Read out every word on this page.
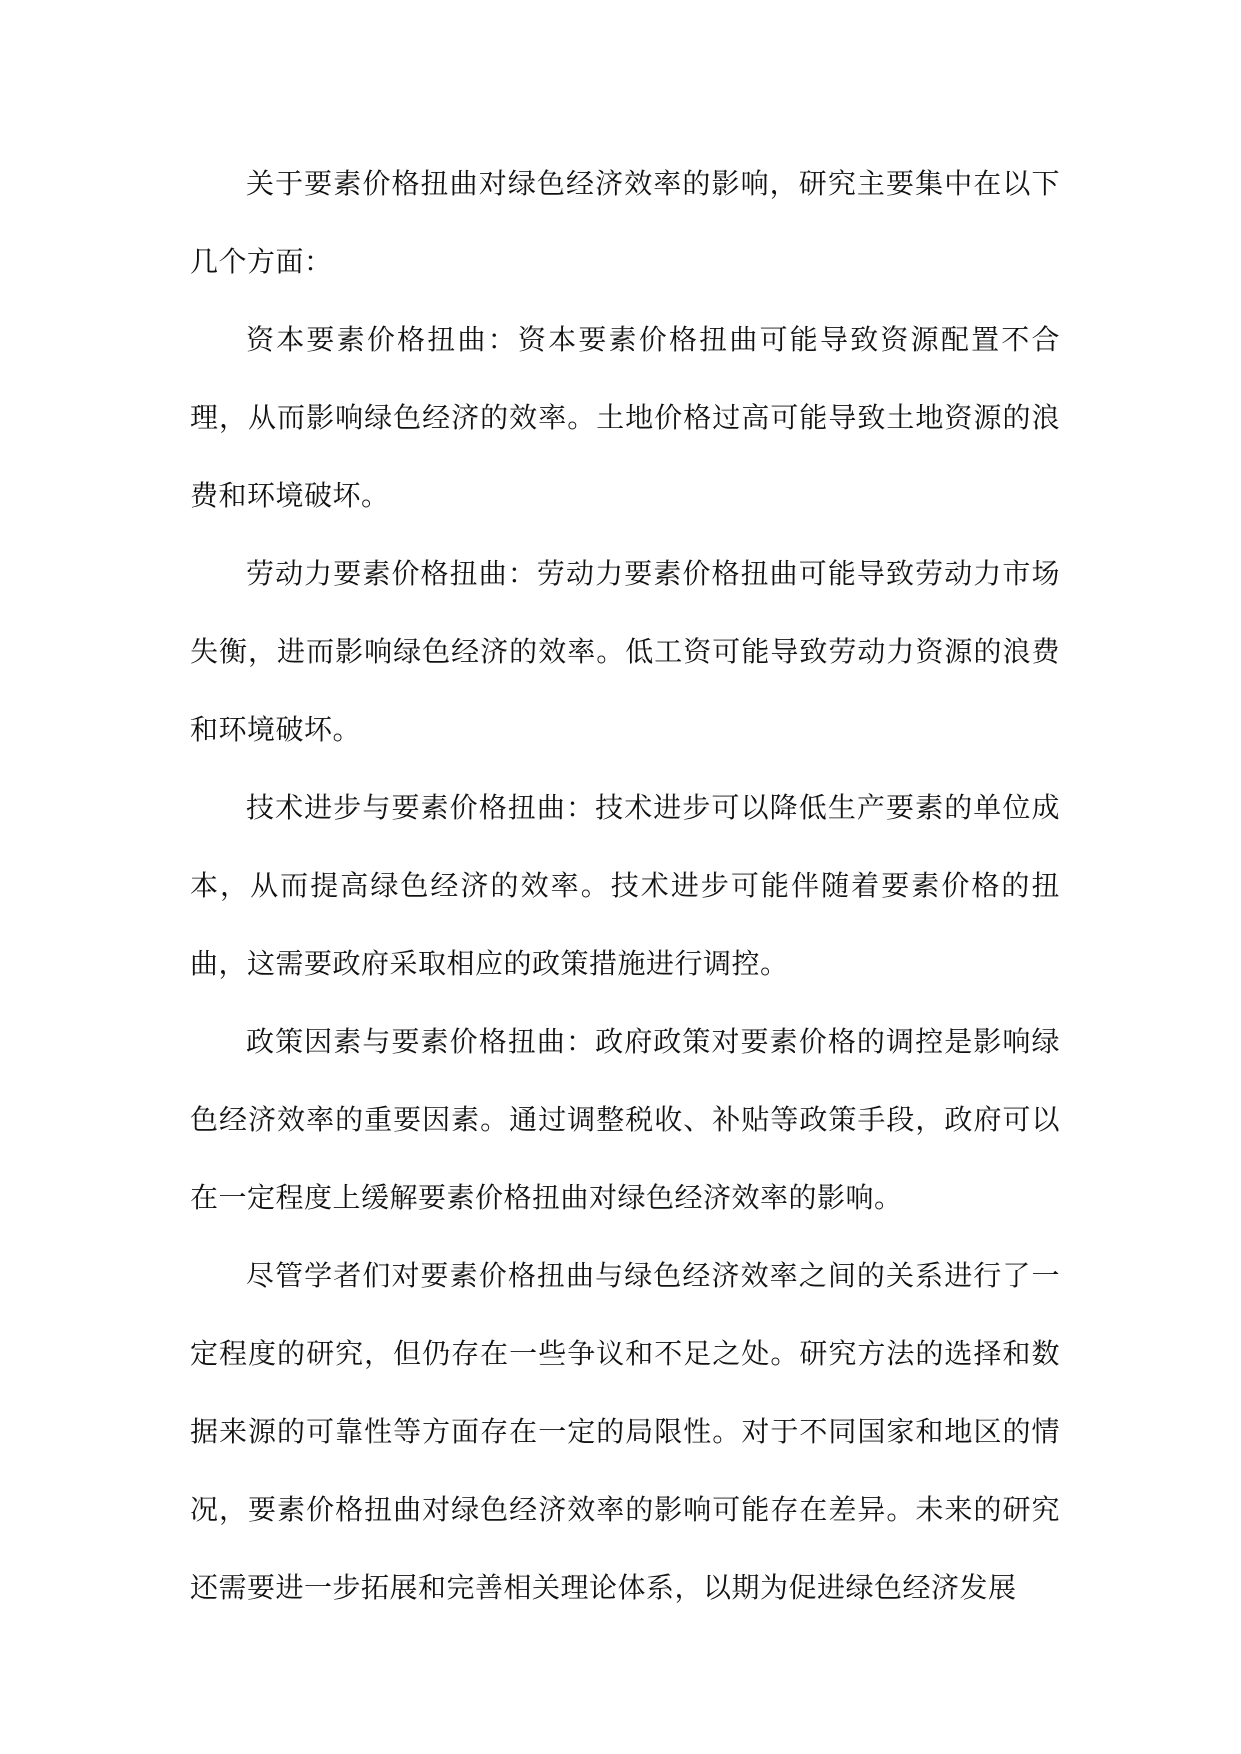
关于要素价格扭曲对绿色经济效率的影响，研究主要集中在以下几个方面：

资本要素价格扭曲：资本要素价格扭曲可能导致资源配置不合理，从而影响绿色经济的效率。土地价格过高可能导致土地资源的浪费和环境破坏。

劳动力要素价格扭曲：劳动力要素价格扭曲可能导致劳动力市场失衡，进而影响绿色经济的效率。低工资可能导致劳动力资源的浪费和环境破坏。

技术进步与要素价格扭曲：技术进步可以降低生产要素的单位成本，从而提高绿色经济的效率。技术进步可能伴随着要素价格的扭曲，这需要政府采取相应的政策措施进行调控。

政策因素与要素价格扭曲：政府政策对要素价格的调控是影响绿色经济效率的重要因素。通过调整税收、补贴等政策手段，政府可以在一定程度上缓解要素价格扭曲对绿色经济效率的影响。

尽管学者们对要素价格扭曲与绿色经济效率之间的关系进行了一定程度的研究，但仍存在一些争议和不足之处。研究方法的选择和数据来源的可靠性等方面存在一定的局限性。对于不同国家和地区的情况，要素价格扭曲对绿色经济效率的影响可能存在差异。未来的研究还需要进一步拓展和完善相关理论体系，以期为促进绿色经济发展
